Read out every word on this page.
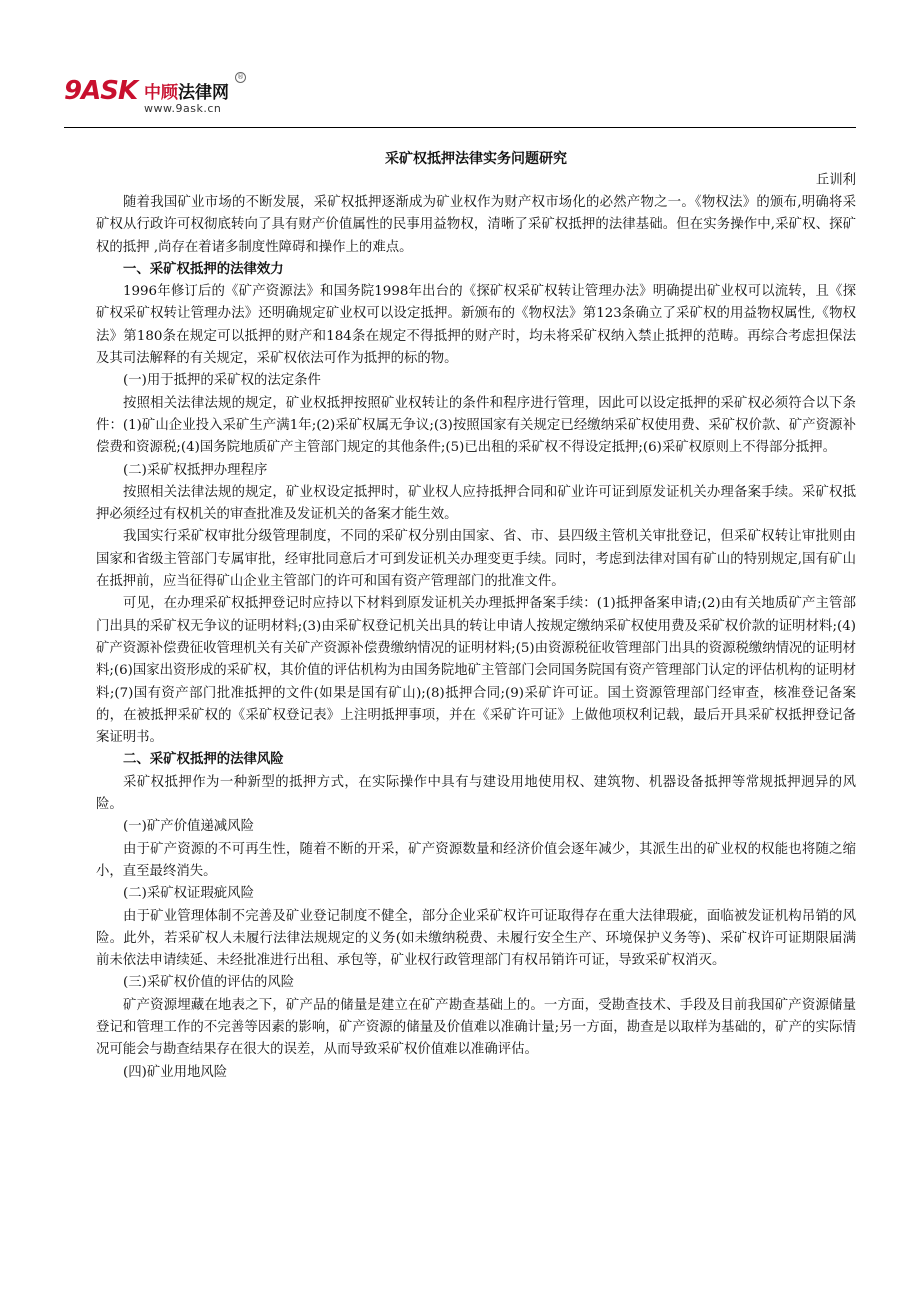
9ASK 中顾法律网
®
www.9ask.cn

采矿权抵押法律实务问题研究

丘训利

随着我国矿业市场的不断发展，采矿权抵押逐渐成为矿业权作为财产权市场化的必然产物之一。《物权法》的颁布,明确将采矿权从行政许可权彻底转向了具有财产价值属性的民事用益物权，清晰了采矿权抵押的法律基础。但在实务操作中,采矿权、探矿权的抵押 ,尚存在着诸多制度性障碍和操作上的难点。

一、采矿权抵押的法律效力

1996年修订后的《矿产资源法》和国务院1998年出台的《探矿权采矿权转让管理办法》明确提出矿业权可以流转，且《探矿权采矿权转让管理办法》还明确规定矿业权可以设定抵押。新颁布的《物权法》第123条确立了采矿权的用益物权属性,《物权法》第180条在规定可以抵押的财产和184条在规定不得抵押的财产时，均未将采矿权纳入禁止抵押的范畴。再综合考虑担保法及其司法解释的有关规定，采矿权依法可作为抵押的标的物。

(一)用于抵押的采矿权的法定条件

按照相关法律法规的规定，矿业权抵押按照矿业权转让的条件和程序进行管理，因此可以设定抵押的采矿权必须符合以下条件：(1)矿山企业投入采矿生产满1年;(2)采矿权属无争议;(3)按照国家有关规定已经缴纳采矿权使用费、采矿权价款、矿产资源补偿费和资源税;(4)国务院地质矿产主管部门规定的其他条件;(5)已出租的采矿权不得设定抵押;(6)采矿权原则上不得部分抵押。

(二)采矿权抵押办理程序

按照相关法律法规的规定，矿业权设定抵押时，矿业权人应持抵押合同和矿业许可证到原发证机关办理备案手续。采矿权抵押必须经过有权机关的审查批准及发证机关的备案才能生效。

我国实行采矿权审批分级管理制度，不同的采矿权分别由国家、省、市、县四级主管机关审批登记，但采矿权转让审批则由国家和省级主管部门专属审批，经审批同意后才可到发证机关办理变更手续。同时，考虑到法律对国有矿山的特别规定,国有矿山在抵押前，应当征得矿山企业主管部门的许可和国有资产管理部门的批准文件。

可见，在办理采矿权抵押登记时应持以下材料到原发证机关办理抵押备案手续：(1)抵押备案申请;(2)由有关地质矿产主管部门出具的采矿权无争议的证明材料;(3)由采矿权登记机关出具的转让申请人按规定缴纳采矿权使用费及采矿权价款的证明材料;(4)矿产资源补偿费征收管理机关有关矿产资源补偿费缴纳情况的证明材料;(5)由资源税征收管理部门出具的资源税缴纳情况的证明材料;(6)国家出资形成的采矿权，其价值的评估机构为由国务院地矿主管部门会同国务院国有资产管理部门认定的评估机构的证明材料;(7)国有资产部门批准抵押的文件(如果是国有矿山);(8)抵押合同;(9)采矿许可证。国土资源管理部门经审查，核准登记备案的，在被抵押采矿权的《采矿权登记表》上注明抵押事项，并在《采矿许可证》上做他项权利记载，最后开具采矿权抵押登记备案证明书。

二、采矿权抵押的法律风险

采矿权抵押作为一种新型的抵押方式，在实际操作中具有与建设用地使用权、建筑物、机器设备抵押等常规抵押迥异的风险。

(一)矿产价值递减风险

由于矿产资源的不可再生性，随着不断的开采，矿产资源数量和经济价值会逐年减少，其派生出的矿业权的权能也将随之缩小，直至最终消失。

(二)采矿权证瑕疵风险

由于矿业管理体制不完善及矿业登记制度不健全，部分企业采矿权许可证取得存在重大法律瑕疵，面临被发证机构吊销的风险。此外，若采矿权人未履行法律法规规定的义务(如未缴纳税费、未履行安全生产、环境保护义务等)、采矿权许可证期限届满前未依法申请续延、未经批准进行出租、承包等，矿业权行政管理部门有权吊销许可证，导致采矿权消灭。

(三)采矿权价值的评估的风险

矿产资源埋藏在地表之下，矿产品的储量是建立在矿产勘查基础上的。一方面，受勘查技术、手段及目前我国矿产资源储量登记和管理工作的不完善等因素的影响，矿产资源的储量及价值难以准确计量;另一方面，勘查是以取样为基础的，矿产的实际情况可能会与勘查结果存在很大的误差，从而导致采矿权价值难以准确评估。

(四)矿业用地风险
